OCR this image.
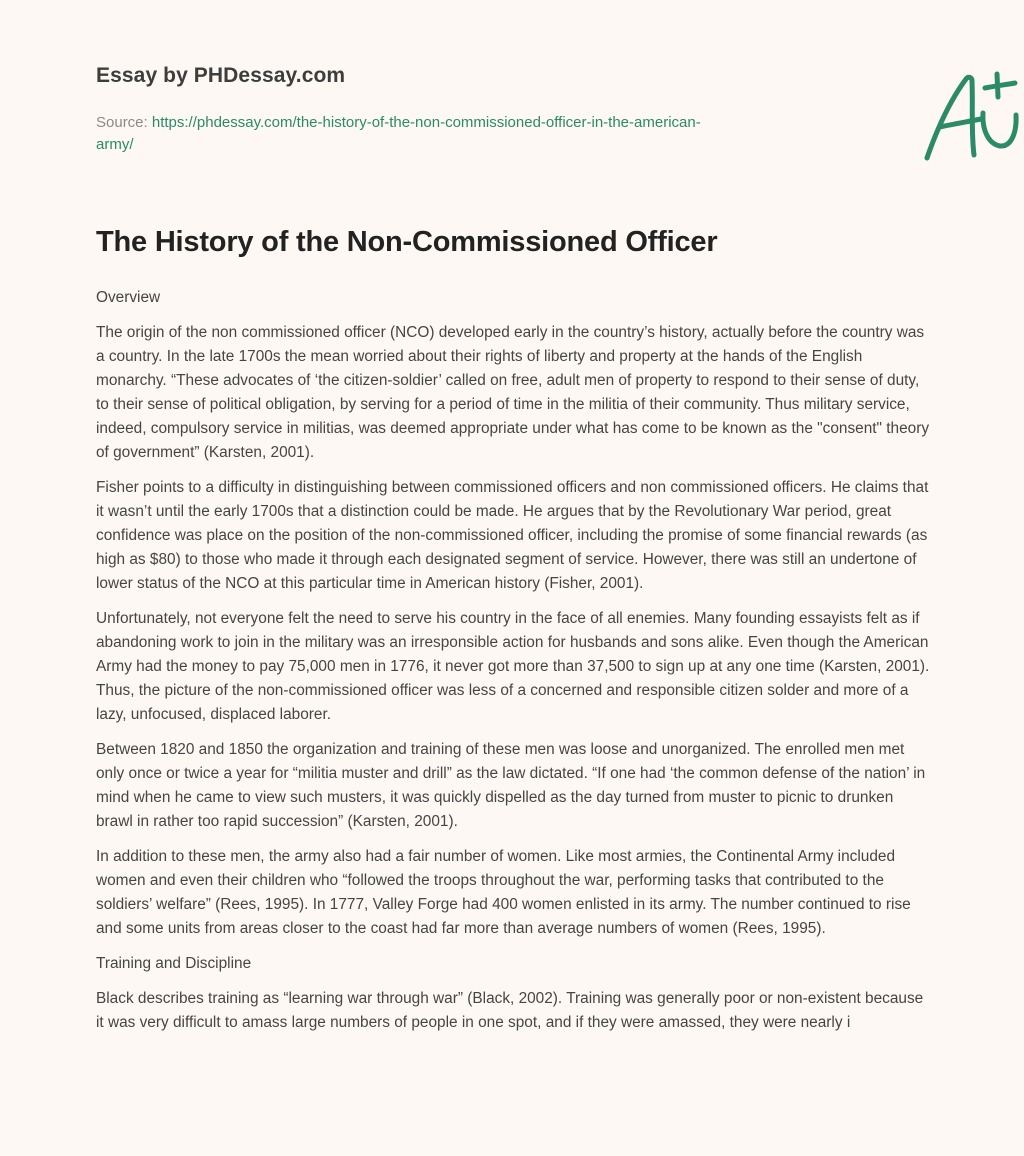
Essay by PHDessay.com
Source: https://phdessay.com/the-history-of-the-non-commissioned-officer-in-the-american-army/
The History of the Non-Commissioned Officer

Overview

The origin of the non commissioned officer (NCO) developed early in the country’s history, actually before the country was a country. In the late 1700s the mean worried about their rights of liberty and property at the hands of the English monarchy. “These advocates of ‘the citizen-soldier’ called on free, adult men of property to respond to their sense of duty, to their sense of political obligation, by serving for a period of time in the militia of their community. Thus military service, indeed, compulsory service in militias, was deemed appropriate under what has come to be known as the "consent" theory of government” (Karsten, 2001).

Fisher points to a difficulty in distinguishing between commissioned officers and non commissioned officers. He claims that it wasn’t until the early 1700s that a distinction could be made. He argues that by the Revolutionary War period, great confidence was place on the position of the non-commissioned officer, including the promise of some financial rewards (as high as $80) to those who made it through each designated segment of service. However, there was still an undertone of lower status of the NCO at this particular time in American history (Fisher, 2001).

Unfortunately, not everyone felt the need to serve his country in the face of all enemies. Many founding essayists felt as if abandoning work to join in the military was an irresponsible action for husbands and sons alike. Even though the American Army had the money to pay 75,000 men in 1776, it never got more than 37,500 to sign up at any one time (Karsten, 2001). Thus, the picture of the non-commissioned officer was less of a concerned and responsible citizen solder and more of a lazy, unfocused, displaced laborer.

Between 1820 and 1850 the organization and training of these men was loose and unorganized. The enrolled men met only once or twice a year for “militia muster and drill” as the law dictated. “If one had ‘the common defense of the nation’ in mind when he came to view such musters, it was quickly dispelled as the day turned from muster to picnic to drunken brawl in rather too rapid succession” (Karsten, 2001).

In addition to these men, the army also had a fair number of women. Like most armies, the Continental Army included women and even their children who “followed the troops throughout the war, performing tasks that contributed to the soldiers’ welfare” (Rees, 1995). In 1777, Valley Forge had 400 women enlisted in its army. The number continued to rise and some units from areas closer to the coast had far more than average numbers of women (Rees, 1995).

Training and Discipline

Black describes training as “learning war through war” (Black, 2002). Training was generally poor or non-existent because it was very difficult to amass large numbers of people in one spot, and if they were amassed, they were nearly i
